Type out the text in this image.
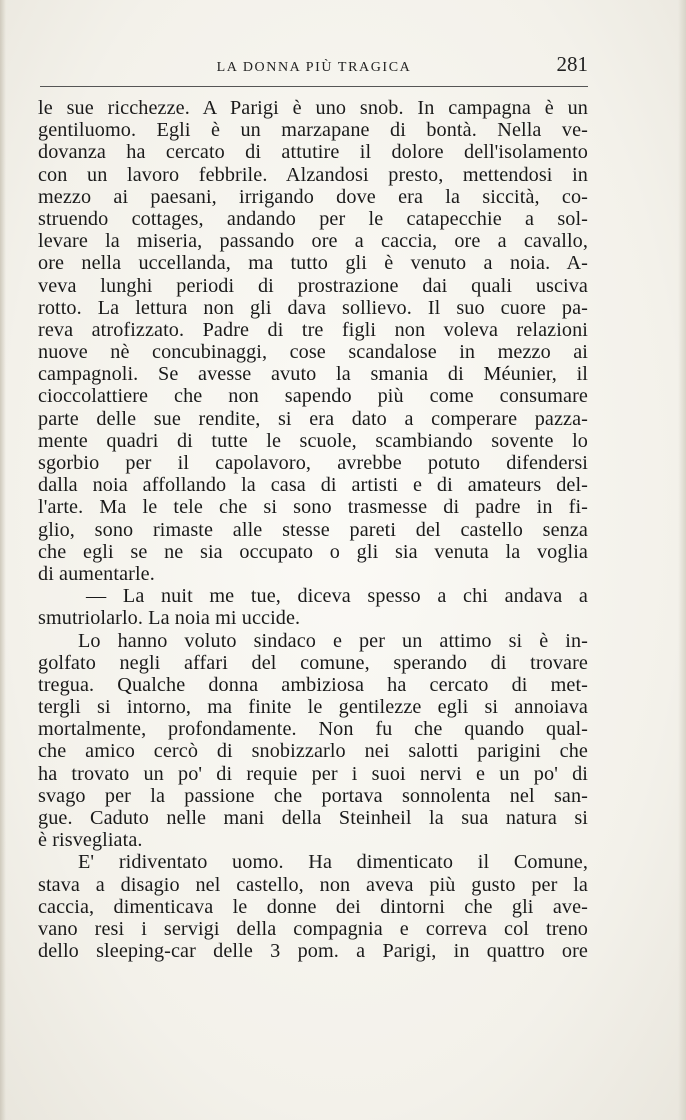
LA DONNA PIÙ TRAGICA	281
le sue ricchezze. A Parigi è uno snob. In campagna è un
gentiluomo. Egli è un marzapane di bontà. Nella ve-
dovanza ha cercato di attutire il dolore dell'isolamento
con un lavoro febbrile. Alzandosi presto, mettendosi in
mezzo ai paesani, irrigando dove era la siccità, co-
struendo cottages, andando per le catapecchie a sol-
levare la miseria, passando ore a caccia, ore a cavallo,
ore nella uccellanda, ma tutto gli è venuto a noia. A-
veva lunghi periodi di prostrazione dai quali usciva
rotto. La lettura non gli dava sollievo. Il suo cuore pa-
reva atrofizzato. Padre di tre figli non voleva relazioni
nuove nè concubinaggi, cose scandalose in mezzo ai
campagnoli. Se avesse avuto la smania di Méunier, il
cioccolattiere che non sapendo più come consumare
parte delle sue rendite, si era dato a comperare pazza-
mente quadri di tutte le scuole, scambiando sovente lo
sgorbio per il capolavoro, avrebbe potuto difendersi
dalla noia affollando la casa di artisti e di amateurs del-
l'arte. Ma le tele che si sono trasmesse di padre in fi-
glio, sono rimaste alle stesse pareti del castello senza
che egli se ne sia occupato o gli sia venuta la voglia
di aumentarle.
— La nuit me tue, diceva spesso a chi andava a
smutriolarlo. La noia mi uccide.
Lo hanno voluto sindaco e per un attimo si è in-
golfato negli affari del comune, sperando di trovare
tregua. Qualche donna ambiziosa ha cercato di met-
tergli si intorno, ma finite le gentilezze egli si annoiava
mortalmente, profondamente. Non fu che quando qual-
che amico cercò di snobizzarlo nei salotti parigini che
ha trovato un po' di requie per i suoi nervi e un po' di
svago per la passione che portava sonnolenta nel san-
gue. Caduto nelle mani della Steinheil la sua natura si
è risvegliata.
E' ridiventato uomo. Ha dimenticato il Comune,
stava a disagio nel castello, non aveva più gusto per la
caccia, dimenticava le donne dei dintorni che gli ave-
vano resi i servigi della compagnia e correva col treno
dello sleeping-car delle 3 pom. a Parigi, in quattro ore
